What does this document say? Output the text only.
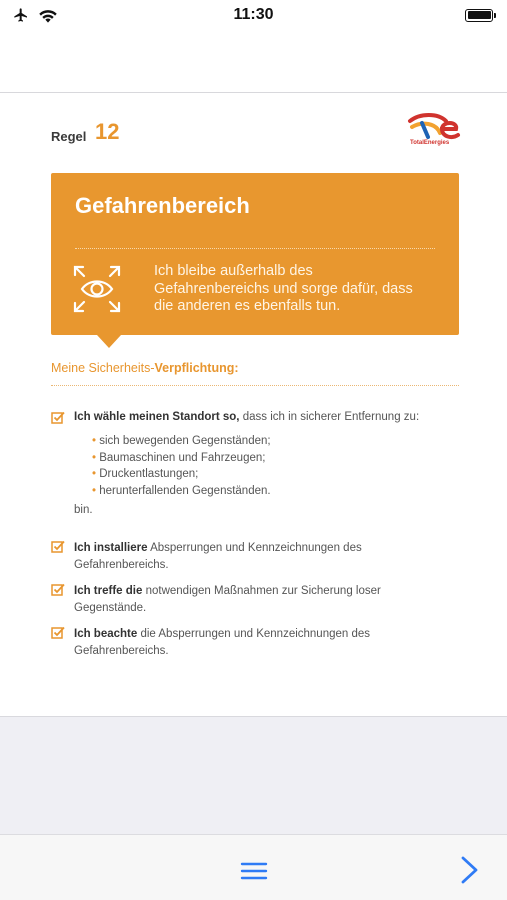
11:30
Regel 12	TotalEnergies
Gefahrenbereich
Ich bleibe außerhalb des Gefahrenbereichs und sorge dafür, dass die anderen es ebenfalls tun.
Meine Sicherheits-Verpflichtung:
Ich wähle meinen Standort so, dass ich in sicherer Entfernung zu:
• sich bewegenden Gegenständen;
• Baumaschinen und Fahrzeugen;
• Druckentlastungen;
• herunterfallenden Gegenständen.
bin.
Ich installiere Absperrungen und Kennzeichnungen des Gefahrenbereichs.
Ich treffe die notwendigen Maßnahmen zur Sicherung loser Gegenstände.
Ich beachte die Absperrungen und Kennzeichnungen des Gefahrenbereichs.
